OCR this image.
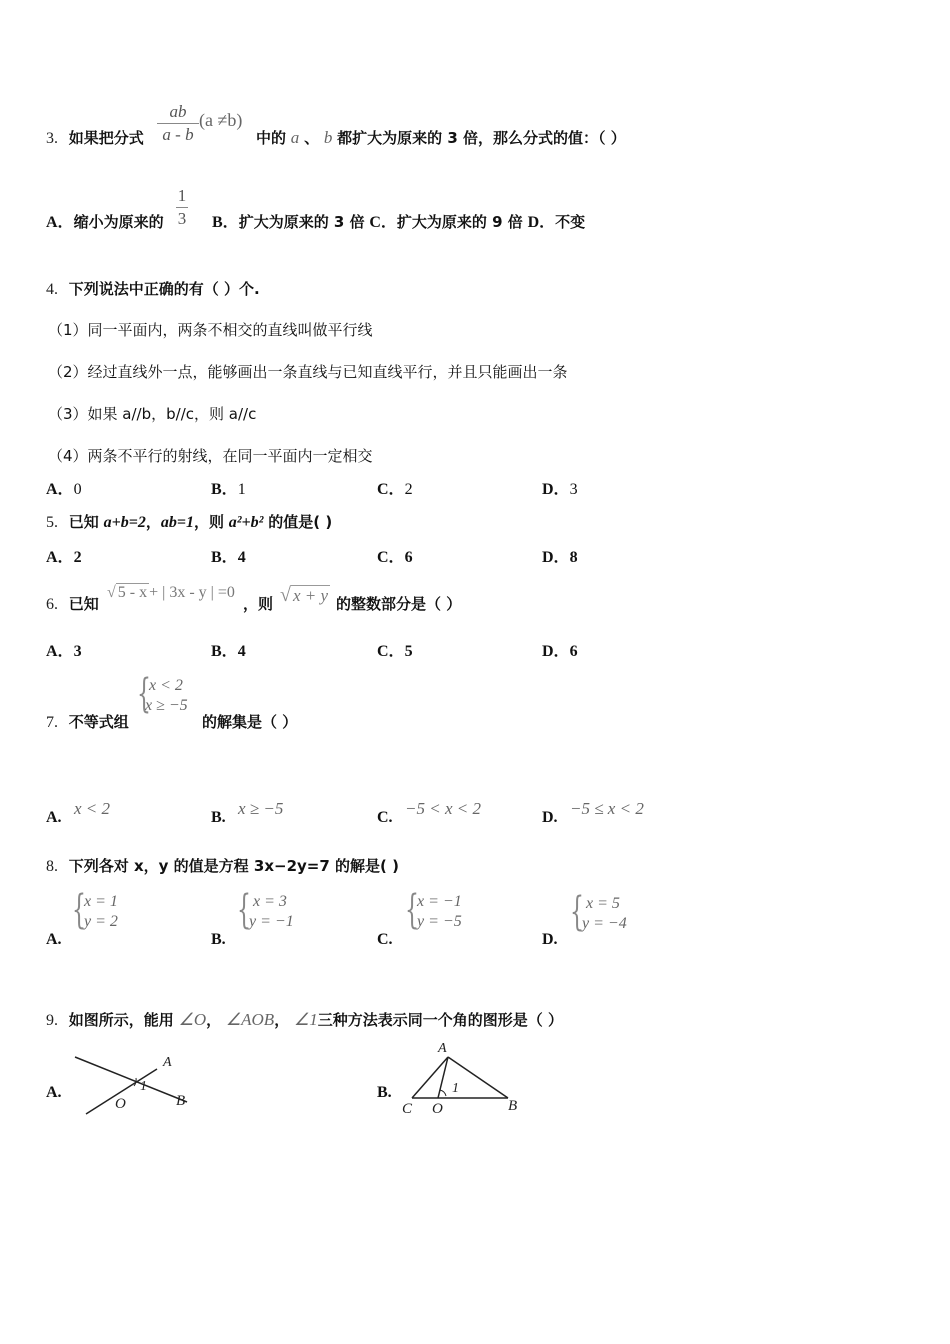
3. 如果把分式
ab
a - b
(a ≠b)
中的 a 、 b 都扩大为原来的 3 倍，那么分式的值：（ ）
A．缩小为原来的
1
3 B．扩大为原来的 3 倍 C．扩大为原来的 9 倍 D．不变
4. 下列说法中正确的有（ ）个.
（1）同一平面内，两条不相交的直线叫做平行线
（2）经过直线外一点，能够画出一条直线与已知直线平行，并且只能画出一条
（3）如果 a//b，b//c，则 a//c
（4）两条不平行的射线，在同一平面内一定相交
A．0	B．1	C．2	D．3
5. 已知 a+b=2，ab=1，则 a²+b² 的值是( )
A．2	B．4	C．6	D．8
6. 已知
√ 5 - x + | 3x - y | =0
，则 √ x + y 的整数部分是（ ）
A．3	B．4	C．5	D．6
7. 不等式组
{
x < 2
x ≥ −5
的解集是（ ）
A. x < 2	B. x ≥ −5	C. −5 < x < 2	D. −5 ≤ x < 2
8. 下列各对 x，y 的值是方程 3x−2y=7 的解是( )
A.
{
x = 1
y = 2
B.
{ x = 3
y = −1
C.
{
x = −1
y = −5
D.
{ x = 5
y = −4
9. 如图所示，能用 ∠O， ∠AOB， ∠1三种方法表示同一个角的图形是（ ）
A.
A
B
O
1	B.
A
C O	B
1
